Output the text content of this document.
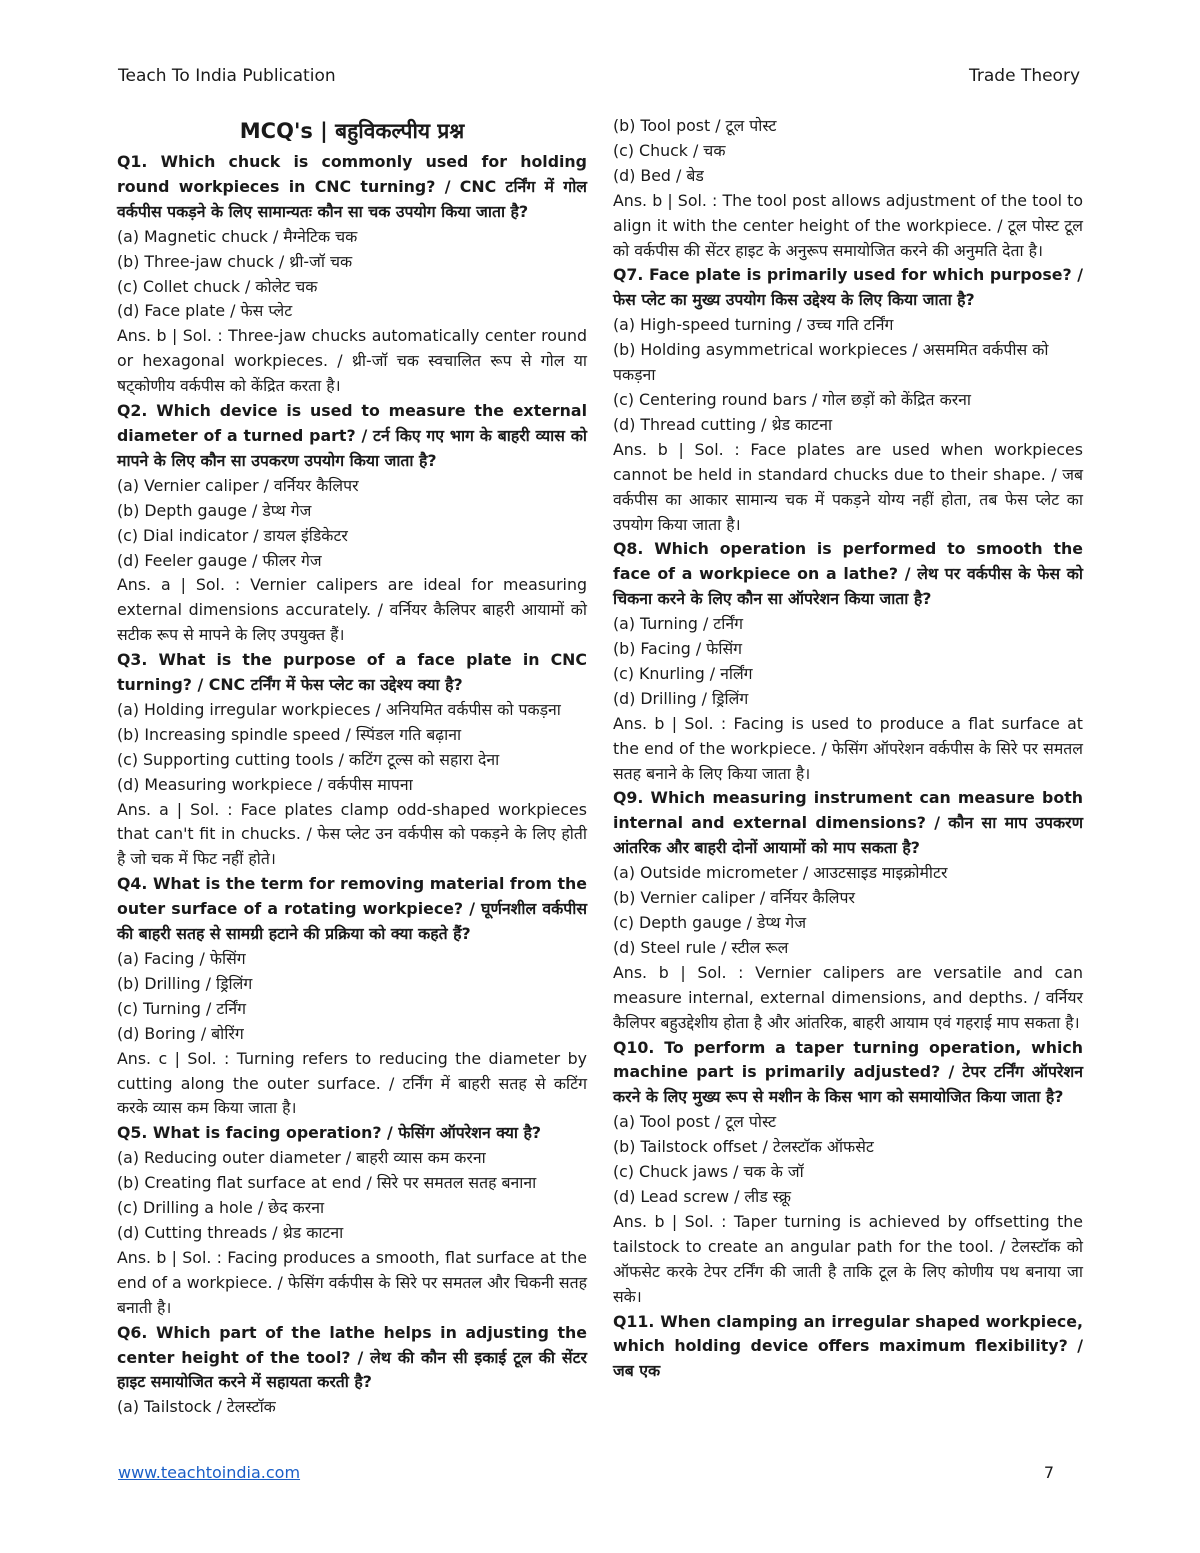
Teach To India Publication	Trade Theory
MCQ's | बहुविकल्पीय प्रश्न
Q1. Which chuck is commonly used for holding round workpieces in CNC turning? / CNC टर्निंग में गोल वर्कपीस पकड़ने के लिए सामान्यतः कौन सा चक उपयोग किया जाता है?
(a) Magnetic chuck / मैग्नेटिक चक
(b) Three-jaw chuck / थ्री-जॉ चक
(c) Collet chuck / कोलेट चक
(d) Face plate / फेस प्लेट
Ans. b | Sol. : Three-jaw chucks automatically center round or hexagonal workpieces. / थ्री-जॉ चक स्वचालित रूप से गोल या षट्कोणीय वर्कपीस को केंद्रित करता है।
Q2. Which device is used to measure the external diameter of a turned part? / टर्न किए गए भाग के बाहरी व्यास को मापने के लिए कौन सा उपकरण उपयोग किया जाता है?
(a) Vernier caliper / वर्नियर कैलिपर
(b) Depth gauge / डेप्थ गेज
(c) Dial indicator / डायल इंडिकेटर
(d) Feeler gauge / फीलर गेज
Ans. a | Sol. : Vernier calipers are ideal for measuring external dimensions accurately. / वर्नियर कैलिपर बाहरी आयामों को सटीक रूप से मापने के लिए उपयुक्त हैं।
Q3. What is the purpose of a face plate in CNC turning? / CNC टर्निंग में फेस प्लेट का उद्देश्य क्या है?
(a) Holding irregular workpieces / अनियमित वर्कपीस को पकड़ना
(b) Increasing spindle speed / स्पिंडल गति बढ़ाना
(c) Supporting cutting tools / कटिंग टूल्स को सहारा देना
(d) Measuring workpiece / वर्कपीस मापना
Ans. a | Sol. : Face plates clamp odd-shaped workpieces that can't fit in chucks. / फेस प्लेट उन वर्कपीस को पकड़ने के लिए होती है जो चक में फिट नहीं होते।
Q4. What is the term for removing material from the outer surface of a rotating workpiece? / घूर्णनशील वर्कपीस की बाहरी सतह से सामग्री हटाने की प्रक्रिया को क्या कहते हैं?
(a) Facing / फेसिंग
(b) Drilling / ड्रिलिंग
(c) Turning / टर्निंग
(d) Boring / बोरिंग
Ans. c | Sol. : Turning refers to reducing the diameter by cutting along the outer surface. / टर्निंग में बाहरी सतह से कटिंग करके व्यास कम किया जाता है।
Q5. What is facing operation? / फेसिंग ऑपरेशन क्या है?
(a) Reducing outer diameter / बाहरी व्यास कम करना
(b) Creating flat surface at end / सिरे पर समतल सतह बनाना
(c) Drilling a hole / छेद करना
(d) Cutting threads / थ्रेड काटना
Ans. b | Sol. : Facing produces a smooth, flat surface at the end of a workpiece. / फेसिंग वर्कपीस के सिरे पर समतल और चिकनी सतह बनाती है।
Q6. Which part of the lathe helps in adjusting the center height of the tool? / लेथ की कौन सी इकाई टूल की सेंटर हाइट समायोजित करने में सहायता करती है?
(a) Tailstock / टेलस्टॉक
(b) Tool post / टूल पोस्ट
(c) Chuck / चक
(d) Bed / बेड
Ans. b | Sol. : The tool post allows adjustment of the tool to align it with the center height of the workpiece. / टूल पोस्ट टूल को वर्कपीस की सेंटर हाइट के अनुरूप समायोजित करने की अनुमति देता है।
Q7. Face plate is primarily used for which purpose? / फेस प्लेट का मुख्य उपयोग किस उद्देश्य के लिए किया जाता है?
(a) High-speed turning / उच्च गति टर्निंग
(b) Holding asymmetrical workpieces / असममित वर्कपीस को पकड़ना
(c) Centering round bars / गोल छड़ों को केंद्रित करना
(d) Thread cutting / थ्रेड काटना
Ans. b | Sol. : Face plates are used when workpieces cannot be held in standard chucks due to their shape. / जब वर्कपीस का आकार सामान्य चक में पकड़ने योग्य नहीं होता, तब फेस प्लेट का उपयोग किया जाता है।
Q8. Which operation is performed to smooth the face of a workpiece on a lathe? / लेथ पर वर्कपीस के फेस को चिकना करने के लिए कौन सा ऑपरेशन किया जाता है?
(a) Turning / टर्निंग
(b) Facing / फेसिंग
(c) Knurling / नर्लिंग
(d) Drilling / ड्रिलिंग
Ans. b | Sol. : Facing is used to produce a flat surface at the end of the workpiece. / फेसिंग ऑपरेशन वर्कपीस के सिरे पर समतल सतह बनाने के लिए किया जाता है।
Q9. Which measuring instrument can measure both internal and external dimensions? / कौन सा माप उपकरण आंतरिक और बाहरी दोनों आयामों को माप सकता है?
(a) Outside micrometer / आउटसाइड माइक्रोमीटर
(b) Vernier caliper / वर्नियर कैलिपर
(c) Depth gauge / डेप्थ गेज
(d) Steel rule / स्टील रूल
Ans. b | Sol. : Vernier calipers are versatile and can measure internal, external dimensions, and depths. / वर्नियर कैलिपर बहुउद्देशीय होता है और आंतरिक, बाहरी आयाम एवं गहराई माप सकता है।
Q10. To perform a taper turning operation, which machine part is primarily adjusted? / टेपर टर्निंग ऑपरेशन करने के लिए मुख्य रूप से मशीन के किस भाग को समायोजित किया जाता है?
(a) Tool post / टूल पोस्ट
(b) Tailstock offset / टेलस्टॉक ऑफसेट
(c) Chuck jaws / चक के जॉ
(d) Lead screw / लीड स्क्रू
Ans. b | Sol. : Taper turning is achieved by offsetting the tailstock to create an angular path for the tool. / टेलस्टॉक को ऑफसेट करके टेपर टर्निंग की जाती है ताकि टूल के लिए कोणीय पथ बनाया जा सके।
Q11. When clamping an irregular shaped workpiece, which holding device offers maximum flexibility? / जब एक
www.teachtoindia.com	7
